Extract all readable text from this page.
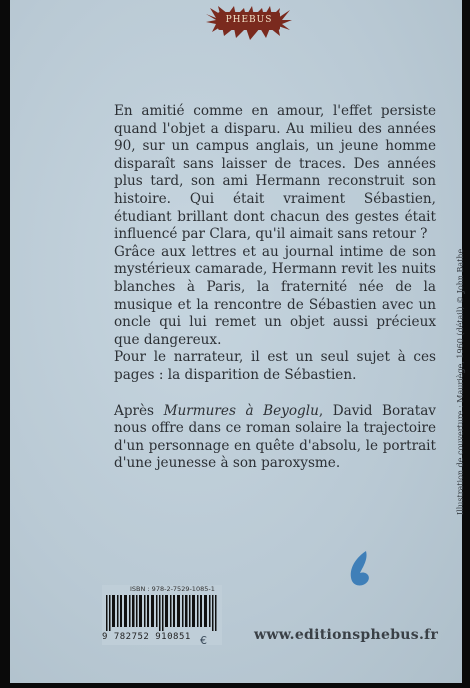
PHEBUS

En amitié comme en amour, l'effet persiste quand l'objet a disparu. Au milieu des années 90, sur un campus anglais, un jeune homme disparaît sans laisser de traces. Des années plus tard, son ami Hermann reconstruit son histoire. Qui était vraiment Sébastien, étudiant brillant dont chacun des gestes était influencé par Clara, qu'il aimait sans retour ?

Grâce aux lettres et au journal intime de son mystérieux camarade, Hermann revit les nuits blanches à Paris, la fraternité née de la musique et la rencontre de Sébastien avec un oncle qui lui remet un objet aussi précieux que dangereux.

Pour le narrateur, il est un seul sujet à ces pages : la disparition de Sébastien.

Après Murmures à Beyoglu, David Boratav nous offre dans ce roman solaire la trajectoire d'un personnage en quête d'absolu, le portrait d'une jeunesse à son paroxysme.	Illustration de couverture : Mauriège, 1960 (détail) © John Bathe
ISBN : 978-2-7529-1085-1
9 782752 910851 €	www.editionsphebus.fr
